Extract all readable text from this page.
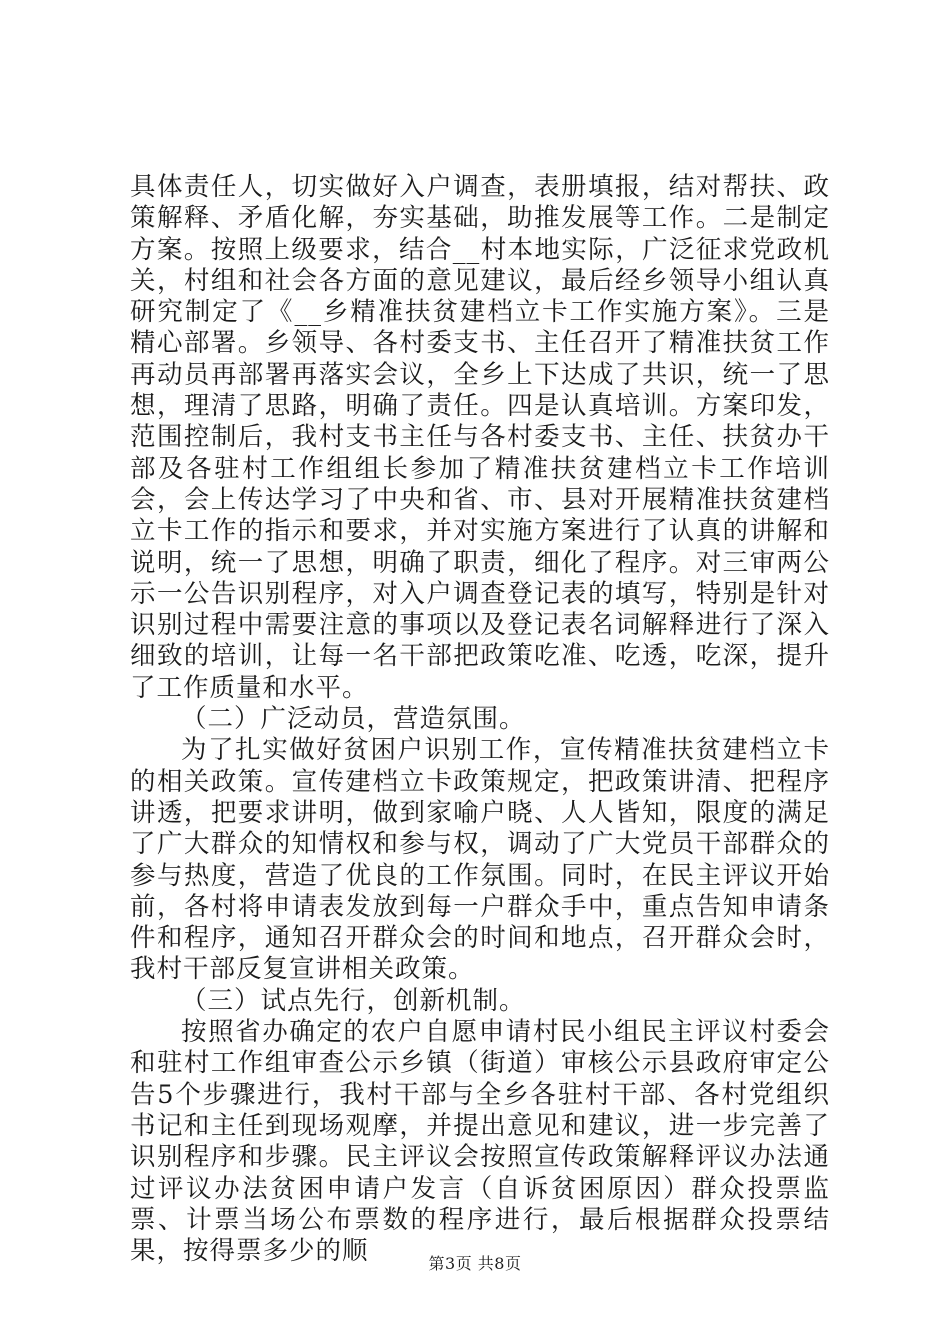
具体责任人，切实做好入户调查，表册填报，结对帮扶、政策解释、矛盾化解，夯实基础，助推发展等工作。二是制定方案。按照上级要求，结合__村本地实际，广泛征求党政机关，村组和社会各方面的意见建议，最后经乡领导小组认真研究制定了《__乡精准扶贫建档立卡工作实施方案》。三是精心部署。乡领导、各村委支书、主任召开了精准扶贫工作再动员再部署再落实会议，全乡上下达成了共识，统一了思想，理清了思路，明确了责任。四是认真培训。方案印发，范围控制后，我村支书主任与各村委支书、主任、扶贫办干部及各驻村工作组组长参加了精准扶贫建档立卡工作培训会，会上传达学习了中央和省、市、县对开展精准扶贫建档立卡工作的指示和要求，并对实施方案进行了认真的讲解和说明，统一了思想，明确了职责，细化了程序。对三审两公示一公告识别程序，对入户调查登记表的填写，特别是针对识别过程中需要注意的事项以及登记表名词解释进行了深入细致的培训，让每一名干部把政策吃准、吃透，吃深，提升了工作质量和水平。

（二）广泛动员，营造氛围。

为了扎实做好贫困户识别工作，宣传精准扶贫建档立卡的相关政策。宣传建档立卡政策规定，把政策讲清、把程序讲透，把要求讲明，做到家喻户晓、人人皆知，限度的满足了广大群众的知情权和参与权，调动了广大党员干部群众的参与热度，营造了优良的工作氛围。同时，在民主评议开始前，各村将申请表发放到每一户群众手中，重点告知申请条件和程序，通知召开群众会的时间和地点，召开群众会时，我村干部反复宣讲相关政策。

（三）试点先行，创新机制。

按照省办确定的农户自愿申请村民小组民主评议村委会和驻村工作组审查公示乡镇（街道）审核公示县政府审定公告5个步骤进行，我村干部与全乡各驻村干部、各村党组织书记和主任到现场观摩，并提出意见和建议，进一步完善了识别程序和步骤。民主评议会按照宣传政策解释评议办法通过评议办法贫困申请户发言（自诉贫困原因）群众投票监票、计票当场公布票数的程序进行，最后根据群众投票结果，按得票多少的顺	第3页 共8页
